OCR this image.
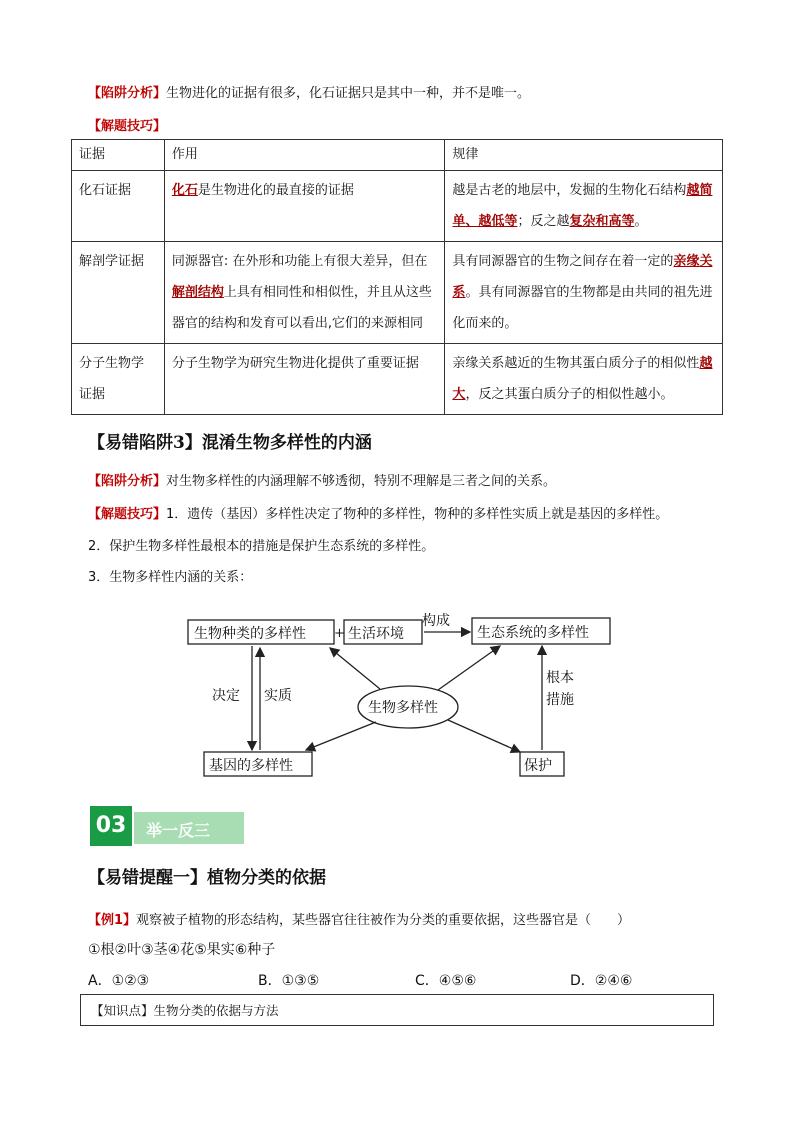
【陷阱分析】生物进化的证据有很多，化石证据只是其中一种，并不是唯一。
【解题技巧】
证据	作用	规律
化石证据	化石是生物进化的最直接的证据	越是古老的地层中，发掘的生物化石结构越简单、越低等；反之越复杂和高等。
解剖学证据	同源器官: 在外形和功能上有很大差异，但在解剖结构上具有相同性和相似性，并且从这些器官的结构和发育可以看出,它们的来源相同	具有同源器官的生物之间存在着一定的亲缘关系。具有同源器官的生物都是由共同的祖先进化而来的。
分子生物学证据	分子生物学为研究生物进化提供了重要证据	亲缘关系越近的生物其蛋白质分子的相似性越大，反之其蛋白质分子的相似性越小。
【易错陷阱3】混淆生物多样性的内涵
【陷阱分析】对生物多样性的内涵理解不够透彻，特别不理解是三者之间的关系。
【解题技巧】1．遗传（基因）多样性决定了物种的多样性，物种的多样性实质上就是基因的多样性。
2．保护生物多样性最根本的措施是保护生态系统的多样性。
3．生物多样性内涵的关系：
生物种类的多样性 + 生活环境
构成
生态系统的多样性
决定 实质
生物多样性
根本
措施
基因的多样性	保护
03	举一反三
【易错提醒一】植物分类的依据
【例1】观察被子植物的形态结构，某些器官往往被作为分类的重要依据，这些器官是（　　）
①根②叶③茎④花⑤果实⑥种子
A．①②③	B．①③⑤	C．④⑤⑥	D．②④⑥
【知识点】生物分类的依据与方法
